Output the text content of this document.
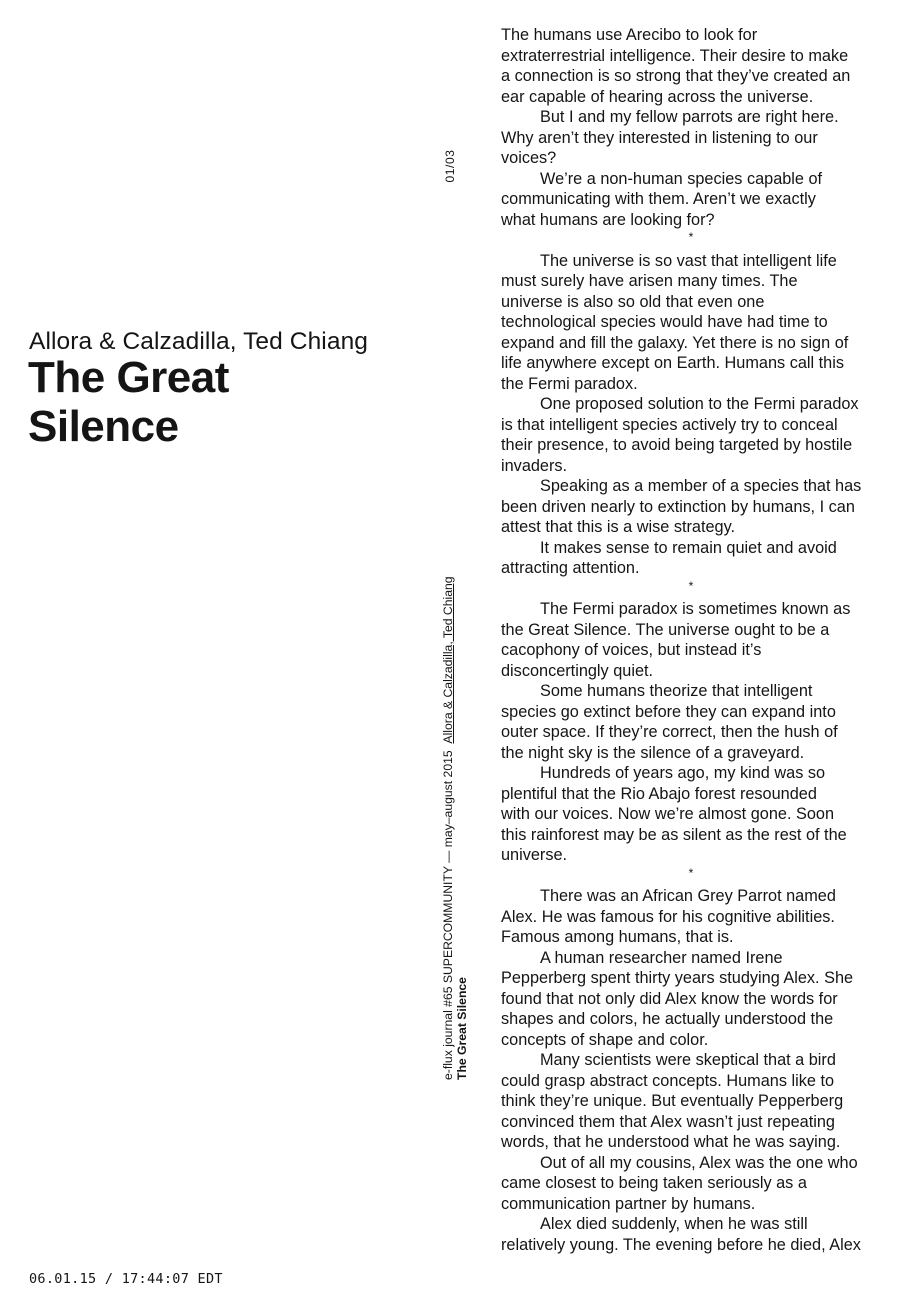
Allora & Calzadilla, Ted Chiang
The Great
Silence
01/03
e-flux journal #65 SUPERCOMMUNITY — may–august 2015  Allora & Calzadilla, Ted Chiang
The Great Silence

The humans use Arecibo to look for
extraterrestrial intelligence. Their desire to make
a connection is so strong that they’ve created an
ear capable of hearing across the universe.

But I and my fellow parrots are right here.
Why aren’t they interested in listening to our
voices?

We’re a non-human species capable of
communicating with them. Aren’t we exactly
what humans are looking for?

*

The universe is so vast that intelligent life
must surely have arisen many times. The
universe is also so old that even one
technological species would have had time to
expand and fill the galaxy. Yet there is no sign of
life anywhere except on Earth. Humans call this
the Fermi paradox.

One proposed solution to the Fermi paradox
is that intelligent species actively try to conceal
their presence, to avoid being targeted by hostile
invaders.

Speaking as a member of a species that has
been driven nearly to extinction by humans, I can
attest that this is a wise strategy.

It makes sense to remain quiet and avoid
attracting attention.

*

The Fermi paradox is sometimes known as
the Great Silence. The universe ought to be a
cacophony of voices, but instead it’s
disconcertingly quiet.

Some humans theorize that intelligent
species go extinct before they can expand into
outer space. If they’re correct, then the hush of
the night sky is the silence of a graveyard.

Hundreds of years ago, my kind was so
plentiful that the Rio Abajo forest resounded
with our voices. Now we’re almost gone. Soon
this rainforest may be as silent as the rest of the
universe.

*

There was an African Grey Parrot named
Alex. He was famous for his cognitive abilities.
Famous among humans, that is.

A human researcher named Irene
Pepperberg spent thirty years studying Alex. She
found that not only did Alex know the words for
shapes and colors, he actually understood the
concepts of shape and color.

Many scientists were skeptical that a bird
could grasp abstract concepts. Humans like to
think they’re unique. But eventually Pepperberg
convinced them that Alex wasn’t just repeating
words, that he understood what he was saying.

Out of all my cousins, Alex was the one who
came closest to being taken seriously as a
communication partner by humans.

Alex died suddenly, when he was still
relatively young. The evening before he died, Alex

06.01.15 / 17:44:07 EDT
